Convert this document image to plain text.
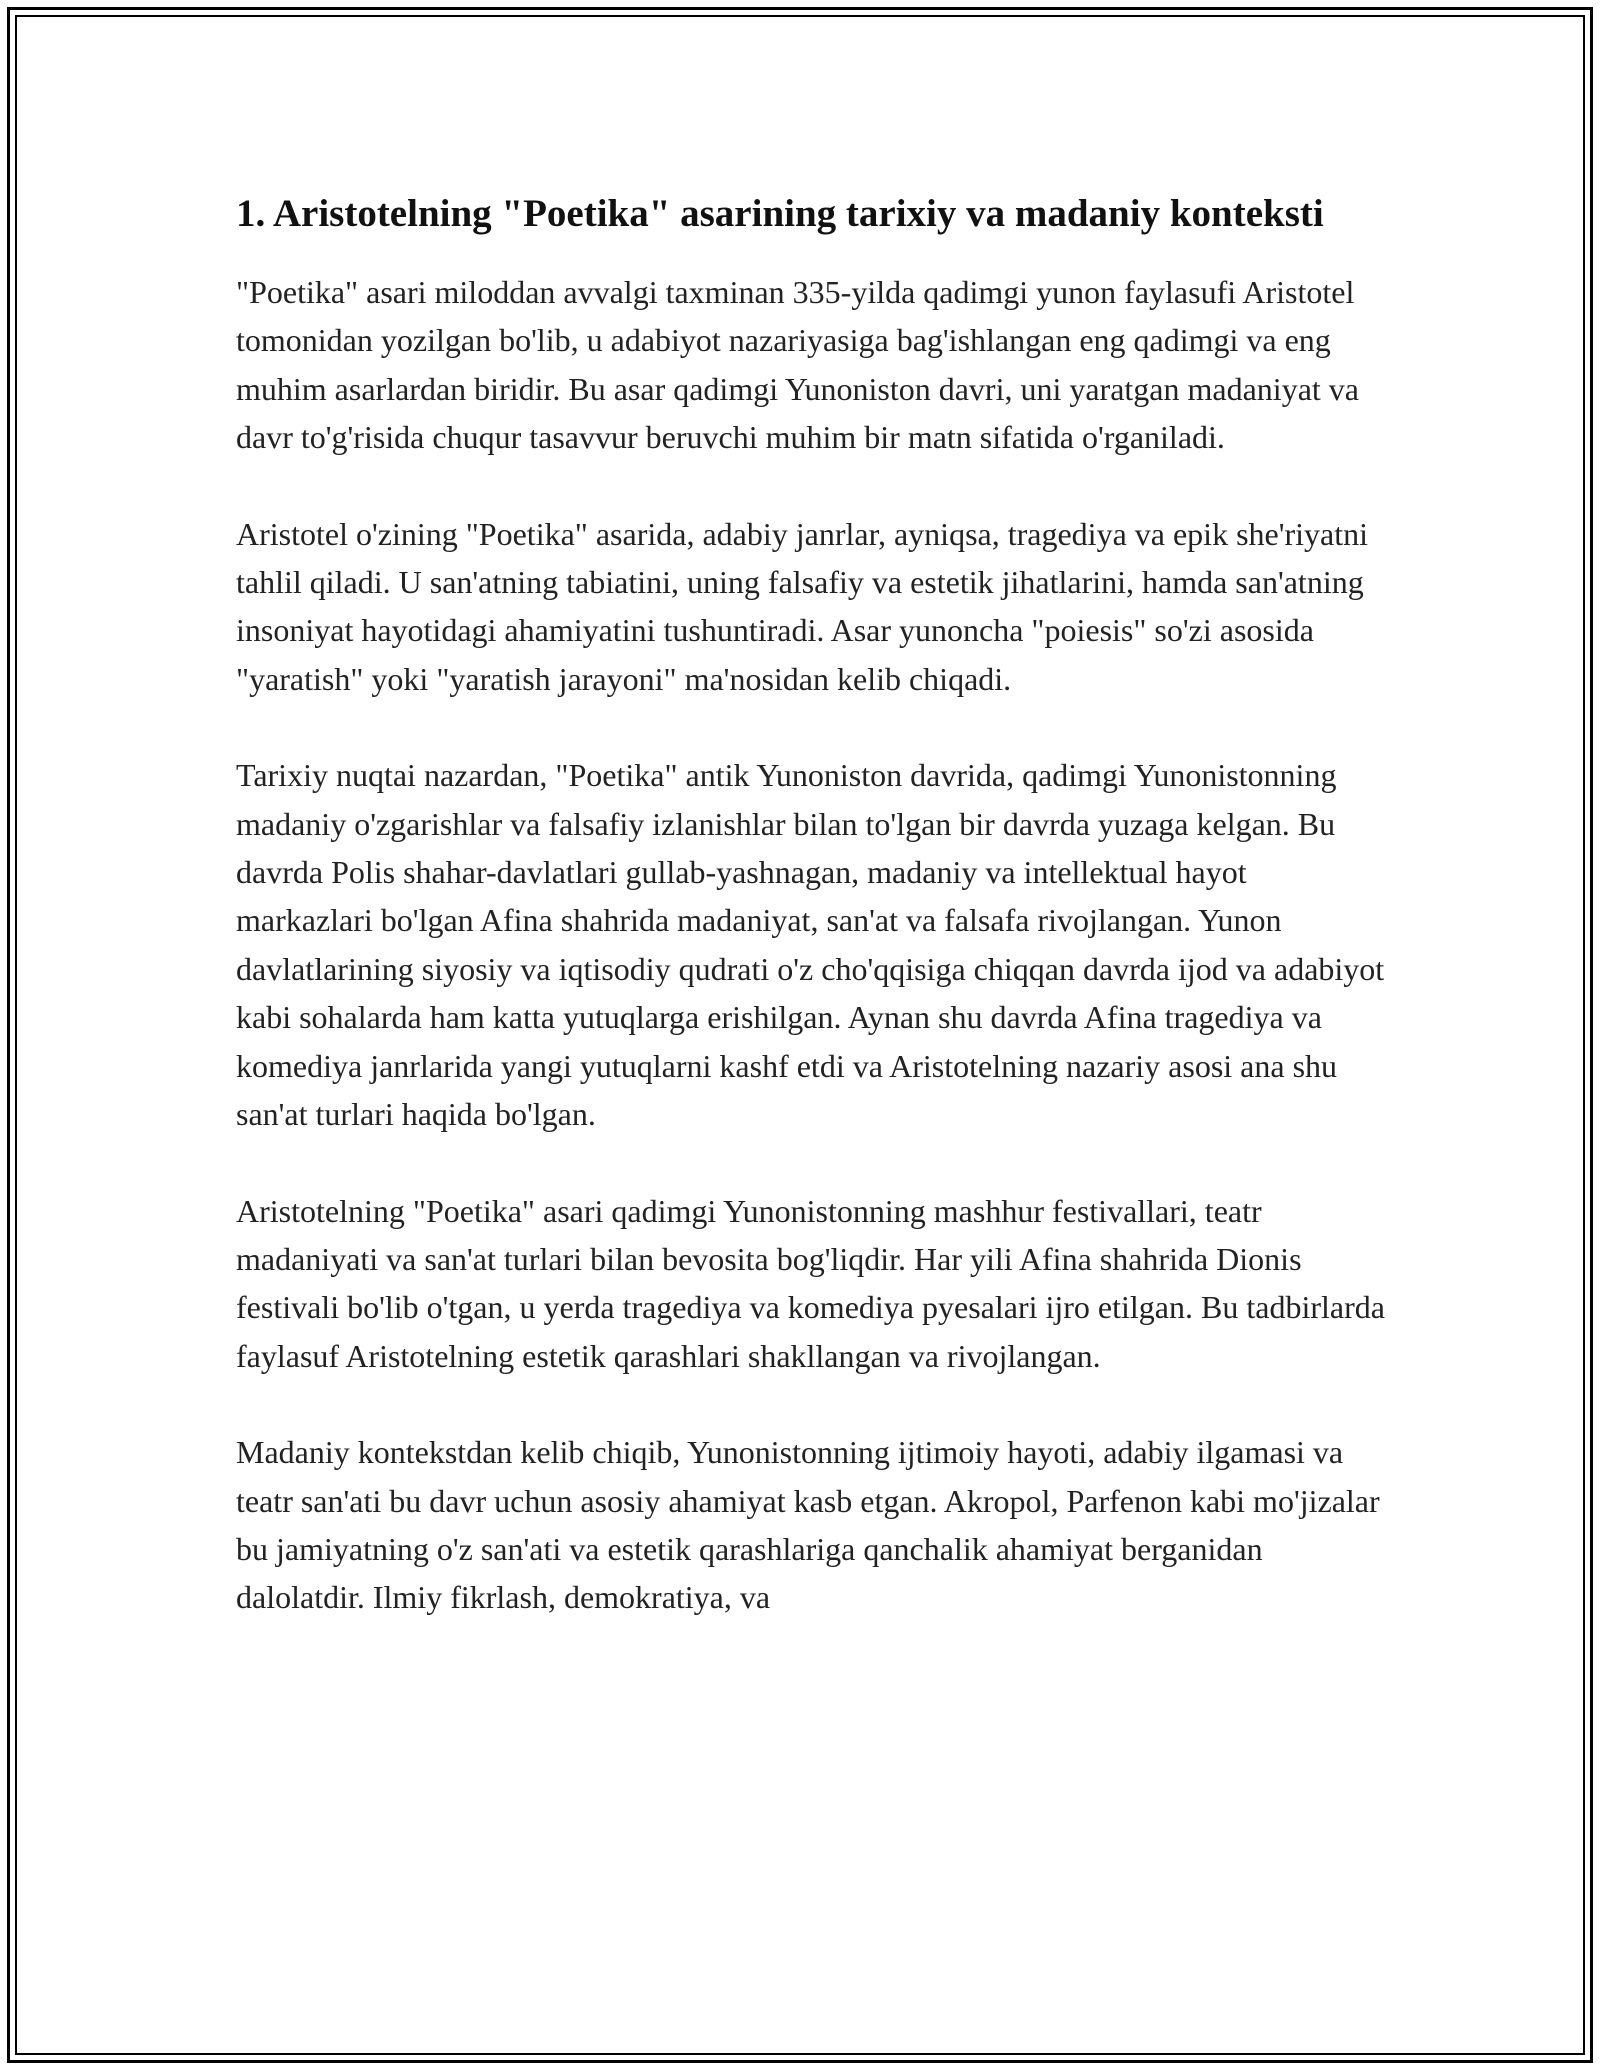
1. Aristotelning "Poetika" asarining tarixiy va madaniy konteksti

"Poetika" asari miloddan avvalgi taxminan 335-yilda qadimgi yunon faylasufi Aristotel tomonidan yozilgan bo'lib, u adabiyot nazariyasiga bag'ishlangan eng qadimgi va eng muhim asarlardan biridir. Bu asar qadimgi Yunoniston davri, uni yaratgan madaniyat va davr to'g'risida chuqur tasavvur beruvchi muhim bir matn sifatida o'rganiladi.

Aristotel o'zining "Poetika" asarida, adabiy janrlar, ayniqsa, tragediya va epik she'riyatni tahlil qiladi. U san'atning tabiatini, uning falsafiy va estetik jihatlarini, hamda san'atning insoniyat hayotidagi ahamiyatini tushuntiradi. Asar yunoncha "poiesis" so'zi asosida "yaratish" yoki "yaratish jarayoni" ma'nosidan kelib chiqadi.

Tarixiy nuqtai nazardan, "Poetika" antik Yunoniston davrida, qadimgi Yunonistonning madaniy o'zgarishlar va falsafiy izlanishlar bilan to'lgan bir davrda yuzaga kelgan. Bu davrda Polis shahar-davlatlari gullab-yashnagan, madaniy va intellektual hayot markazlari bo'lgan Afina shahrida madaniyat, san'at va falsafa rivojlangan. Yunon davlatlarining siyosiy va iqtisodiy qudrati o'z cho'qqisiga chiqqan davrda ijod va adabiyot kabi sohalarda ham katta yutuqlarga erishilgan. Aynan shu davrda Afina tragediya va komediya janrlarida yangi yutuqlarni kashf etdi va Aristotelning nazariy asosi ana shu san'at turlari haqida bo'lgan.

Aristotelning "Poetika" asari qadimgi Yunonistonning mashhur festivallari, teatr madaniyati va san'at turlari bilan bevosita bog'liqdir. Har yili Afina shahrida Dionis festivali bo'lib o'tgan, u yerda tragediya va komediya pyesalari ijro etilgan. Bu tadbirlarda faylasuf Aristotelning estetik qarashlari shakllangan va rivojlangan.

Madaniy kontekstdan kelib chiqib, Yunonistonning ijtimoiy hayoti, adabiy ilgamasi va teatr san'ati bu davr uchun asosiy ahamiyat kasb etgan. Akropol, Parfenon kabi mo'jizalar bu jamiyatning o'z san'ati va estetik qarashlariga qanchalik ahamiyat berganidan dalolatdir. Ilmiy fikrlash, demokratiya, va
